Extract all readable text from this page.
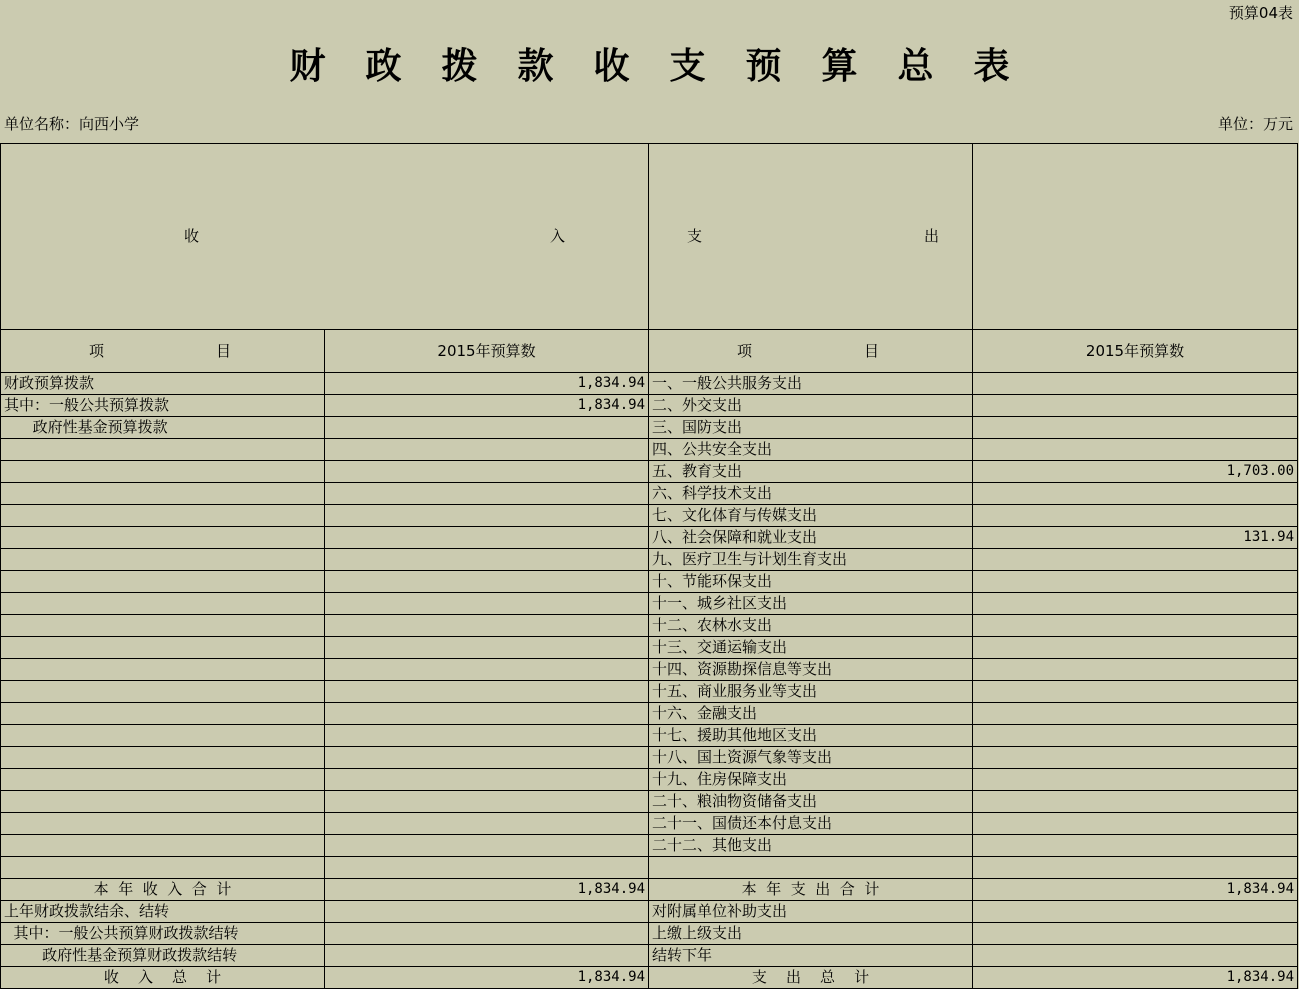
预算04表
财政拨款收支预算总表
单位名称：向西小学	单位：万元

收 入		支 出	

项 目	2015年预算数	项 目	2015年预算数
财政预算拨款	1,834.94	一、一般公共服务支出	
其中：一般公共预算拨款	1,834.94	二、外交支出	
政府性基金预算拨款		三、国防支出	
		四、公共安全支出	
		五、教育支出	1,703.00
		六、科学技术支出	
		七、文化体育与传媒支出	
		八、社会保障和就业支出	131.94
		九、医疗卫生与计划生育支出	
		十、节能环保支出	
		十一、城乡社区支出	
		十二、农林水支出	
		十三、交通运输支出	
		十四、资源勘探信息等支出	
		十五、商业服务业等支出	
		十六、金融支出	
		十七、援助其他地区支出	
		十八、国土资源气象等支出	
		十九、住房保障支出	
		二十、粮油物资储备支出	
		二十一、国债还本付息支出	
		二十二、其他支出	

本  年  收  入  合  计	1,834.94	本  年  支  出  合  计	1,834.94
上年财政拨款结余、结转		对附属单位补助支出	
其中：一般公共预算财政拨款结转		上缴上级支出	
政府性基金预算财政拨款结转		结转下年	
收    入    总    计	1,834.94	支    出    总    计	1,834.94
